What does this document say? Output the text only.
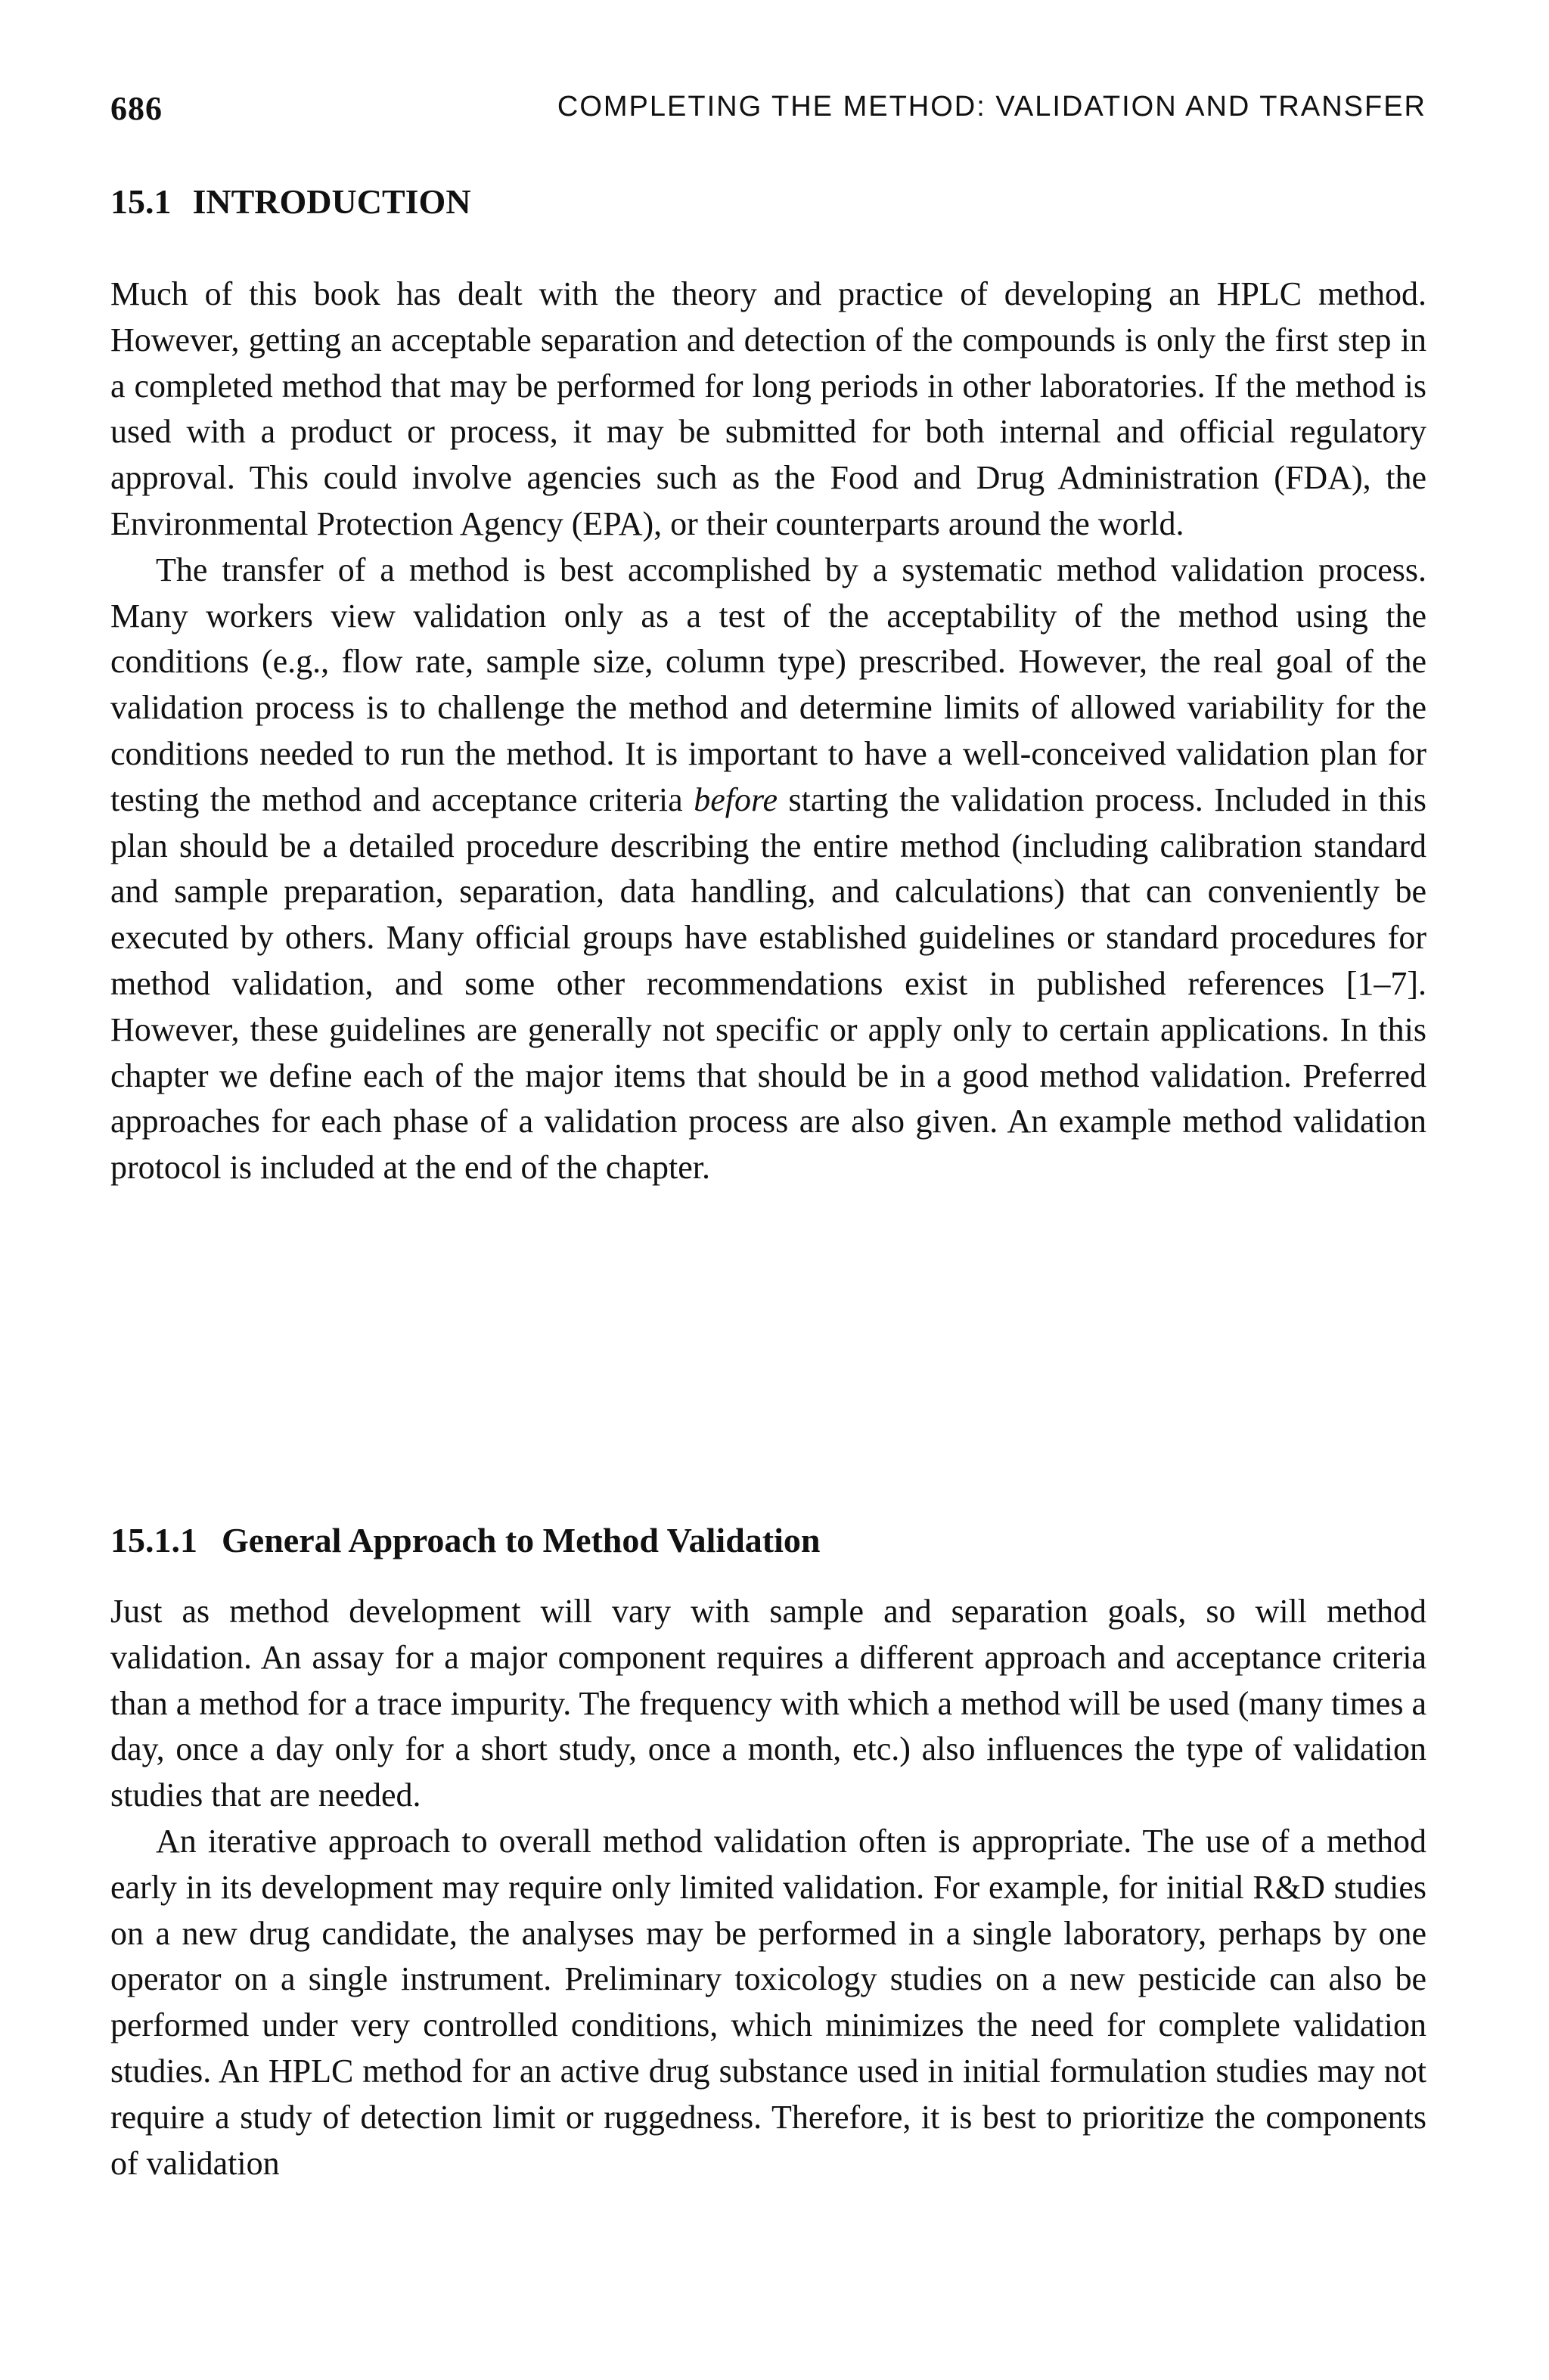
686	COMPLETING THE METHOD: VALIDATION AND TRANSFER
15.1 INTRODUCTION

Much of this book has dealt with the theory and practice of developing an HPLC method. However, getting an acceptable separation and detection of the compounds is only the first step in a completed method that may be performed for long periods in other laboratories. If the method is used with a product or process, it may be submitted for both internal and official regulatory approval. This could involve agencies such as the Food and Drug Administration (FDA), the Environmental Protection Agency (EPA), or their counterparts around the world.

The transfer of a method is best accomplished by a systematic method validation process. Many workers view validation only as a test of the acceptability of the method using the conditions (e.g., flow rate, sample size, column type) prescribed. However, the real goal of the validation process is to challenge the method and determine limits of allowed variability for the conditions needed to run the method. It is important to have a well-conceived validation plan for testing the method and acceptance criteria before starting the validation process. Included in this plan should be a detailed procedure describing the entire method (including calibration standard and sample preparation, separation, data handling, and calculations) that can conveniently be executed by others. Many official groups have established guidelines or standard procedures for method validation, and some other recommendations exist in published references [1–7]. However, these guidelines are generally not specific or apply only to certain applications. In this chapter we define each of the major items that should be in a good method validation. Preferred approaches for each phase of a validation process are also given. An example method validation protocol is included at the end of the chapter.

15.1.1 General Approach to Method Validation

Just as method development will vary with sample and separation goals, so will method validation. An assay for a major component requires a different approach and acceptance criteria than a method for a trace impurity. The frequency with which a method will be used (many times a day, once a day only for a short study, once a month, etc.) also influences the type of validation studies that are needed.

An iterative approach to overall method validation often is appropriate. The use of a method early in its development may require only limited validation. For example, for initial R&D studies on a new drug candidate, the analyses may be performed in a single laboratory, perhaps by one operator on a single instrument. Preliminary toxicology studies on a new pesticide can also be performed under very controlled conditions, which minimizes the need for complete validation studies. An HPLC method for an active drug substance used in initial formulation studies may not require a study of detection limit or ruggedness. Therefore, it is best to prioritize the components of validation
